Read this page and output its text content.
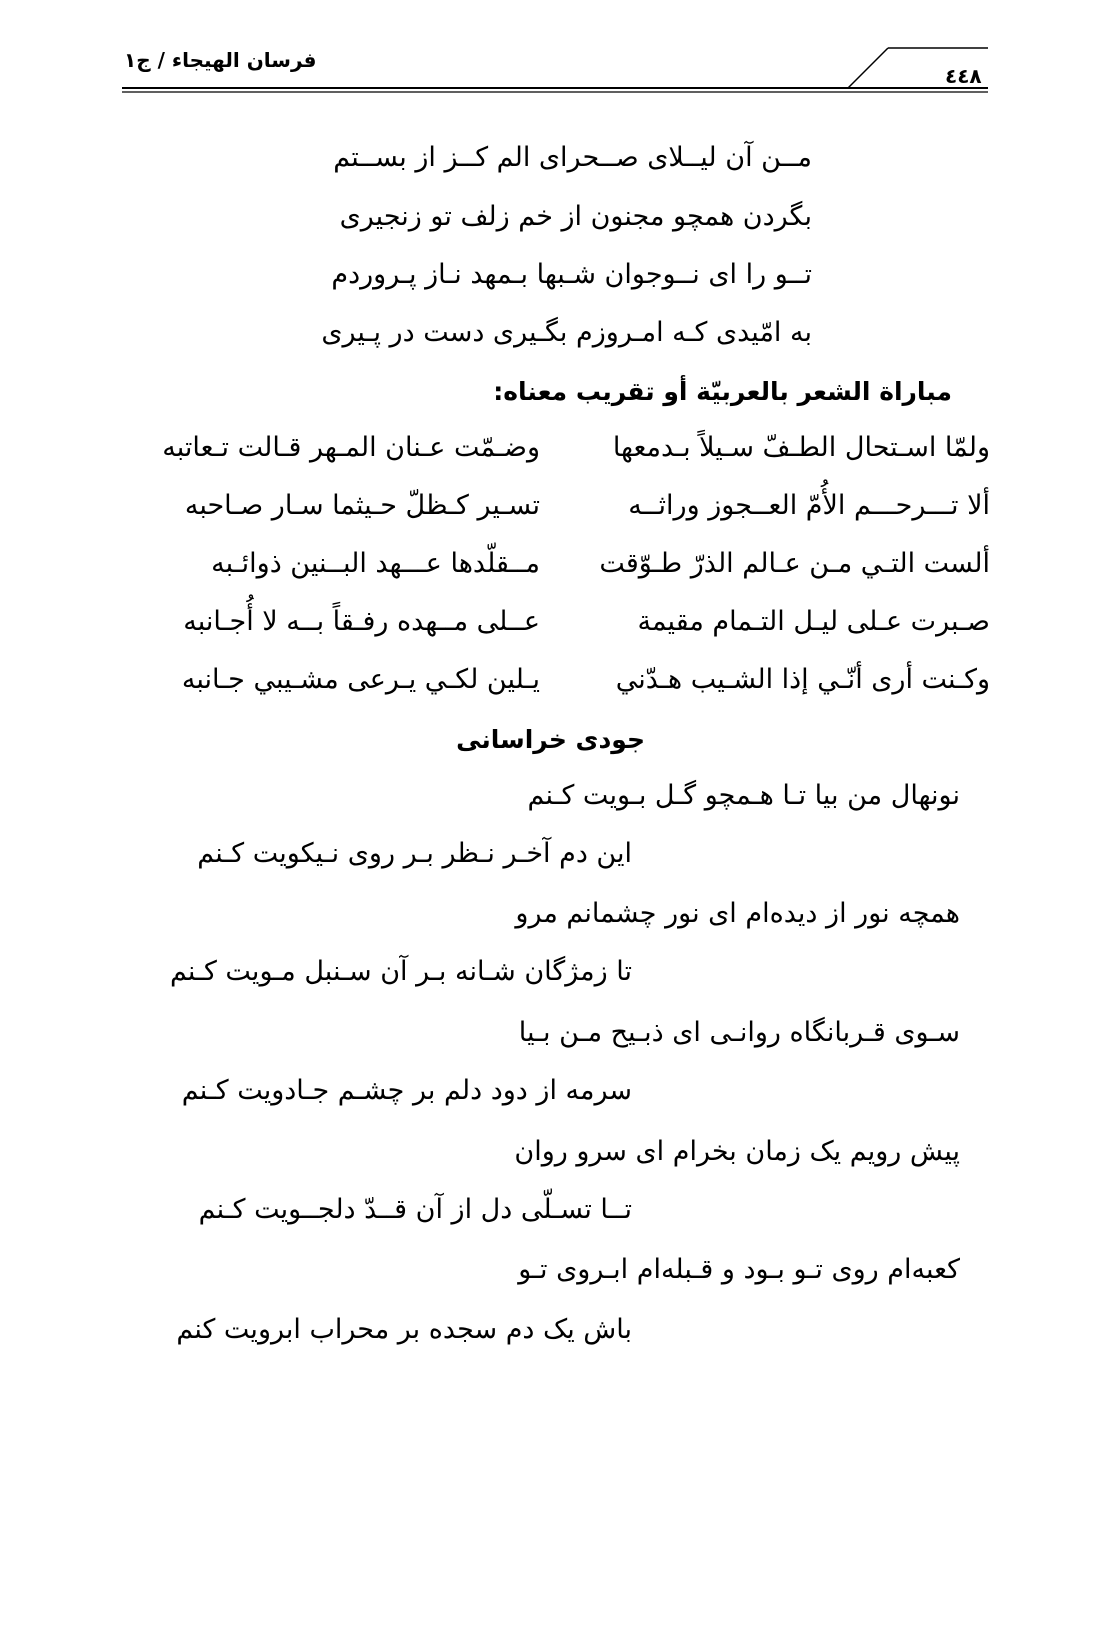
فرسان الهيجاء / ج١
٤٤٨
مــن آن لیــلای صــحرای الم کــز از بســتم
بگردن همچو مجنون از خم زلف تو زنجیری
تــو را ای نــوجوان شـبها بـمهد نـاز پـروردم
به امّیدی کـه امـروزم بگـیری دست در پـیری
مباراة الشعر بالعربيّة أو تقريب معناه:
ولمّا اسـتحال الطـفّ سـيلاً بـدمعها
وضـمّت عـنان المـهر قـالت تـعاتبه
ألا تـــرحـــم الأُمّ العــجوز وراثــه
تسـير كـظلّ حـيثما سـار صـاحبه
ألست التـي مـن عـالم الذرّ طـوّقت
مــقلّدها عـــهد البــنين ذوائـبه
صـبرت عـلى ليـل التـمام مقيمة
عــلى مــهده رفـقاً بــه لا أُجـانبه
وكـنت أرى أنّـي إذا الشـيب هـدّني
يـلين لكـي يـرعى مشـيبي جـانبه
جودی خراسانی
نونهال من بیا تـا هـمچو گـل بـویت کـنم
این دم آخـر نـظر بـر روی نـیکویت کـنم
همچه نور از دیده‌ام ای نور چشمانم مرو
تا زمژگان شـانه بـر آن سـنبل مـویت کـنم
سـوی قـربانگاه روانـی ای ذبـیح مـن بـیا
سرمه از دود دلم بر چشـم جـادویت کـنم
پیش رویم یک زمان بخرام ای سرو روان
تــا تسـلّی دل از آن قــدّ دلجــویت کـنم
کعبه‌ام روی تـو بـود و قـبله‌ام ابـروی تـو
باش یک دم سجده بر محراب ابرویت کنم
